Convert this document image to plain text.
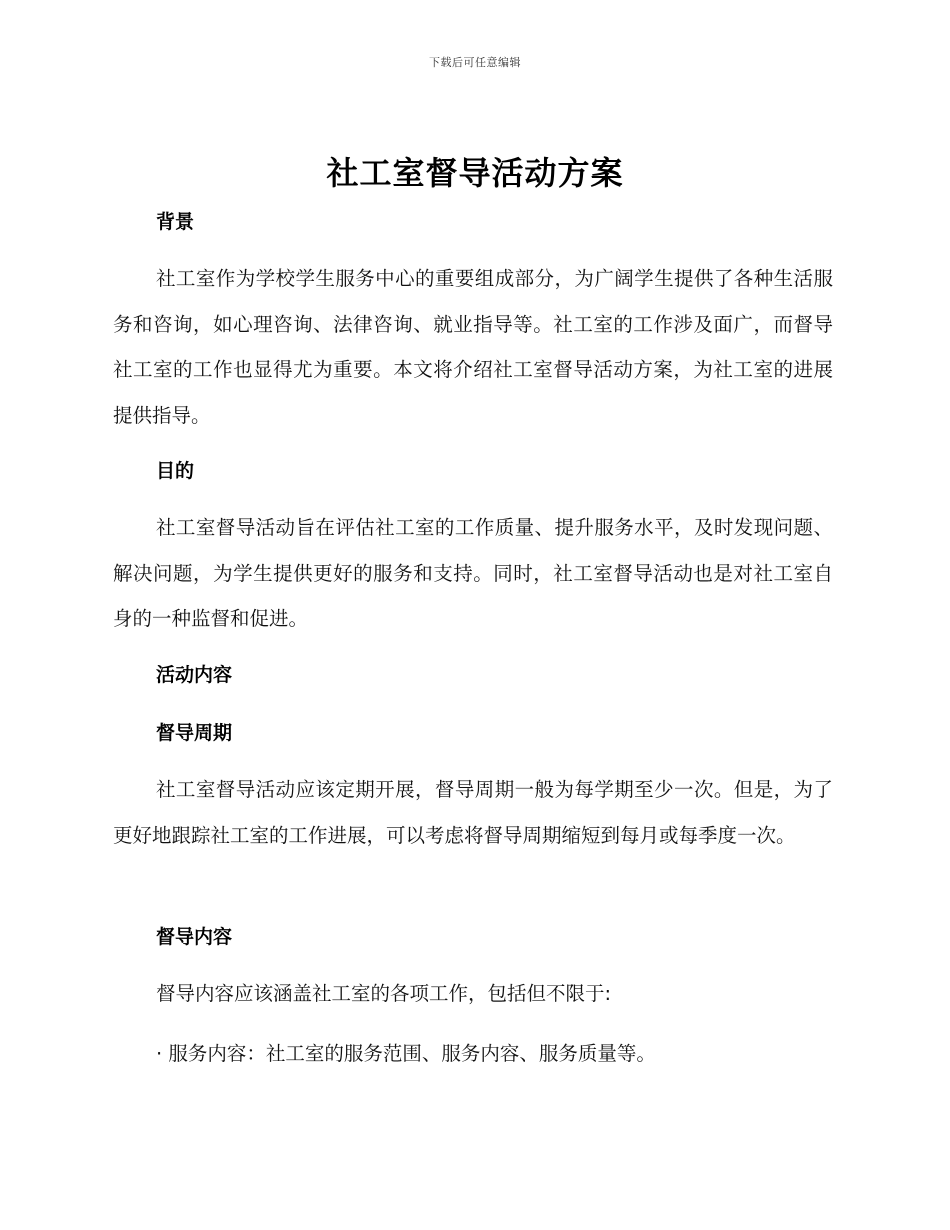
下载后可任意编辑
社工室督导活动方案
背景

社工室作为学校学生服务中心的重要组成部分，为广阔学生提供了各种生活服务和咨询，如心理咨询、法律咨询、就业指导等。社工室的工作涉及面广，而督导社工室的工作也显得尤为重要。本文将介绍社工室督导活动方案，为社工室的进展提供指导。

目的

社工室督导活动旨在评估社工室的工作质量、提升服务水平，及时发现问题、解决问题，为学生提供更好的服务和支持。同时，社工室督导活动也是对社工室自身的一种监督和促进。

活动内容
督导周期

社工室督导活动应该定期开展，督导周期一般为每学期至少一次。但是，为了更好地跟踪社工室的工作进展，可以考虑将督导周期缩短到每月或每季度一次。

督导内容

督导内容应该涵盖社工室的各项工作，包括但不限于:

· 服务内容：社工室的服务范围、服务内容、服务质量等。
